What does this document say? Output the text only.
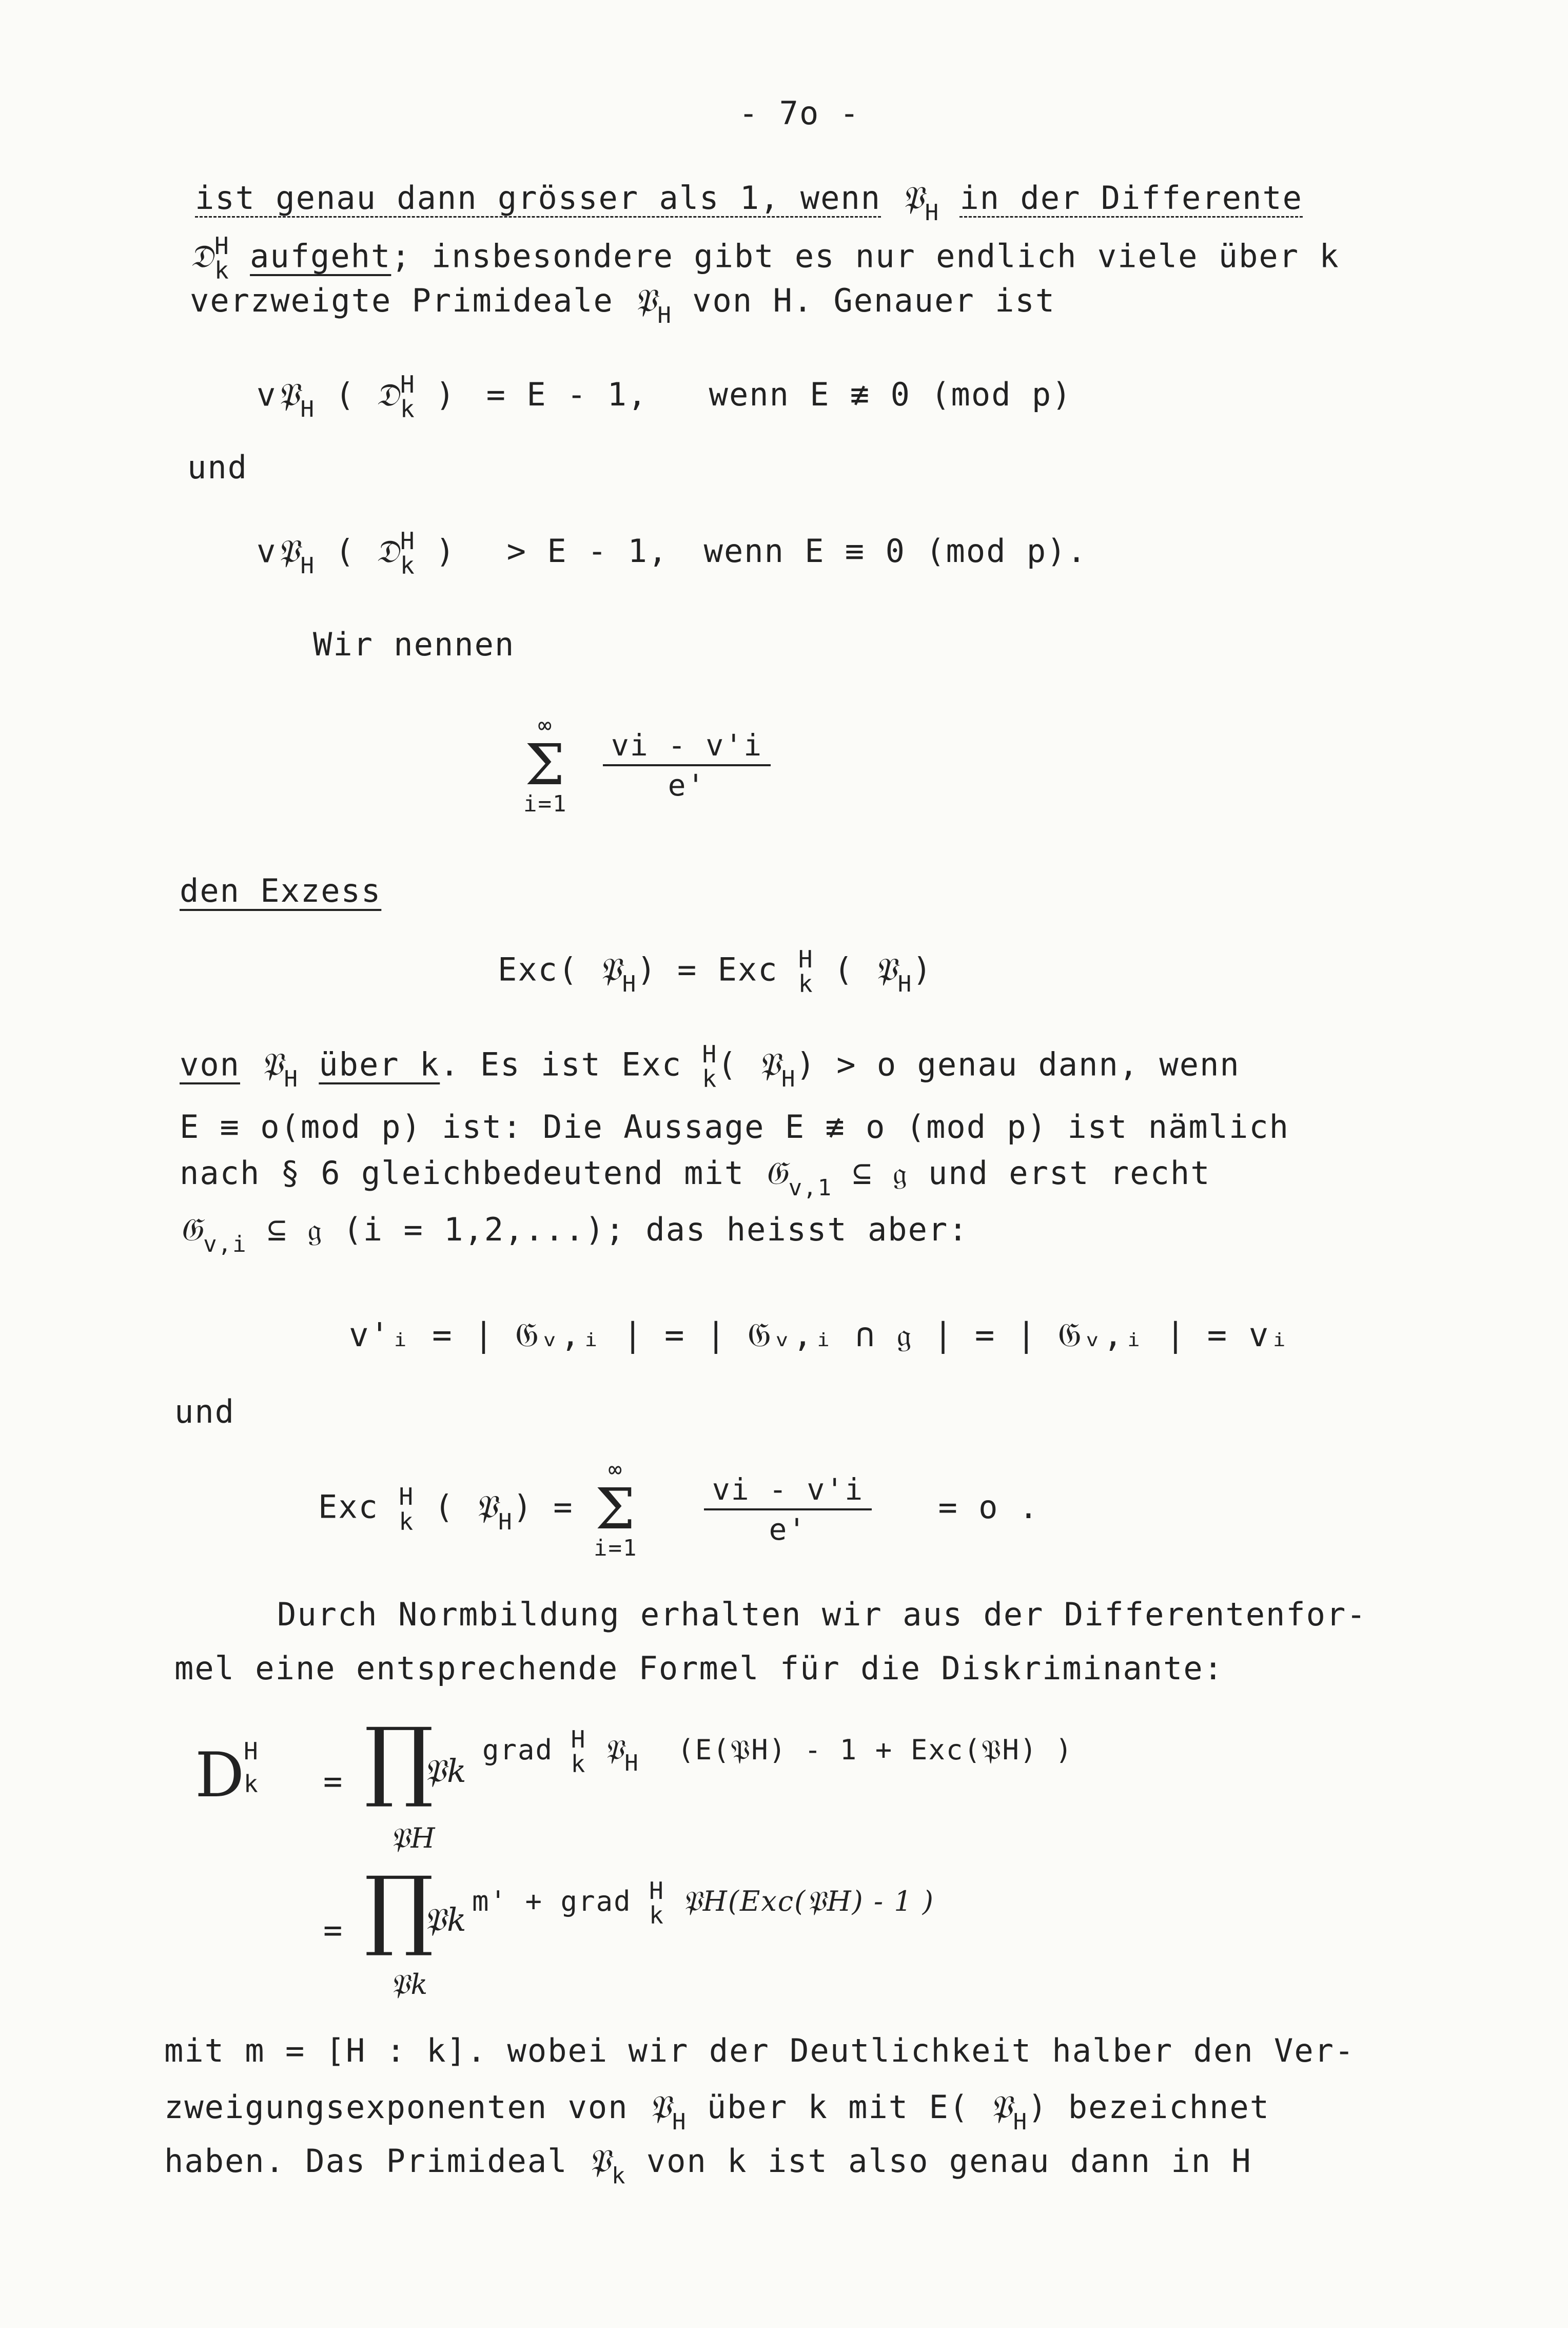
- 7o -
ist genau dann grösser als 1, wenn 𝔓$_H$ in der Differente
𝔇H
k aufgeht; insbesondere gibt es nur endlich viele über k
verzweigte Primideale 𝔓$_H$ von H. Genauer ist
v𝔓$_H$ ( 𝔇H
k ) = E - 1, wenn E ≢ 0 (mod p)
und
v𝔓$_H$ ( 𝔇H
k ) > E - 1, wenn E ≡ 0 (mod p).
Wir nennen
∞
Σ
i=1

$\frac{vi - v'i}{e'}$
den Exzess
Exc( 𝔓$_H$) = Exc H
k ( 𝔓$_H$)
von 𝔓$_H$ über k. Es ist Exc H
k( 𝔓$_H$) > o genau dann, wenn
E ≡ o(mod p) ist: Die Aussage E ≢ o (mod p) ist nämlich
nach § 6 gleichbedeutend mit 𝔊$_{v,1}$ ⊆ 𝔤 und erst recht
𝔊$_{v,i}$ ⊆ 𝔤 (i = 1,2,...); das heisst aber:
v'ᵢ = | 𝔊ᵥ,ᵢ | = | 𝔊ᵥ,ᵢ ∩ 𝔤 | = | 𝔊ᵥ,ᵢ | = vᵢ
und
Exc H
k ( 𝔓$_H$) =
∞
Σ
i=1

$\frac{vi - v'i}{e'} = o$ .
Durch Normbildung erhalten wir aus der Differentenfor-
mel eine entsprechende Formel für die Diskriminante:
D
H
k = ∏
𝔓k
𝔓H
grad H
k 𝔓$_H$ (E(𝔓H) - 1 + Exc(𝔓H) )
= ∏
𝔓k
𝔓k
m' + grad H
k 𝔓H(Exc(𝔓H) - 1 )
mit m = [H : k]. wobei wir der Deutlichkeit halber den Ver-
zweigungsexponenten von 𝔓$_H$ über k mit E( 𝔓$_H$) bezeichnet
haben. Das Primideal 𝔓$_k$ von k ist also genau dann in H
